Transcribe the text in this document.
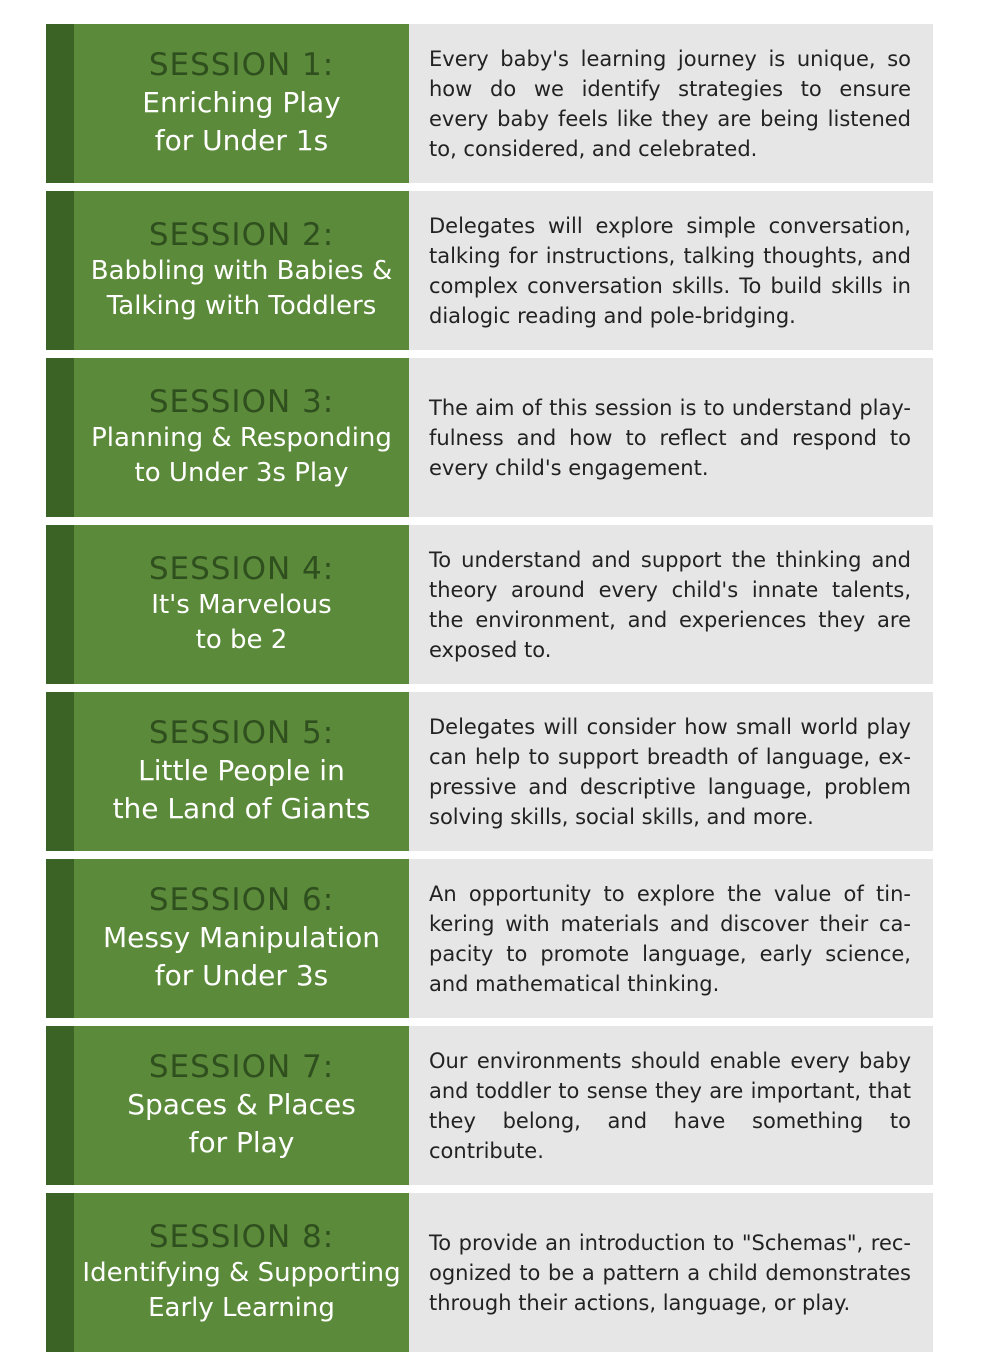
SESSION 1:
Enriching Play
for Under 1s

Every baby's learning journey is unique, so how do we identify strategies to ensure every baby feels like they are being listened to, considered, and celebrated.

SESSION 2:
Babbling with Babies &
Talking with Toddlers

Delegates will explore simple conversation, talking for instructions, talking thoughts, and complex conversation skills. To build skills in dialogic reading and pole-bridging.

SESSION 3:
Planning & Responding
to Under 3s Play

The aim of this session is to understand play-fulness and how to reflect and respond to every child's engagement.

SESSION 4:
It's Marvelous
to be 2

To understand and support the thinking and theory around every child's innate talents, the environment, and experiences they are exposed to.

SESSION 5:
Little People in
the Land of Giants

Delegates will consider how small world play can help to support breadth of language, ex-pressive and descriptive language, problem solving skills, social skills, and more.

SESSION 6:
Messy Manipulation
for Under 3s

An opportunity to explore the value of tin-kering with materials and discover their ca-pacity to promote language, early science, and mathematical thinking.

SESSION 7:
Spaces & Places
for Play

Our environments should enable every baby and toddler to sense they are important, that they belong, and have something to contribute.

SESSION 8:
Identifying & Supporting
Early Learning

To provide an introduction to "Schemas", rec-ognized to be a pattern a child demonstrates through their actions, language, or play.
